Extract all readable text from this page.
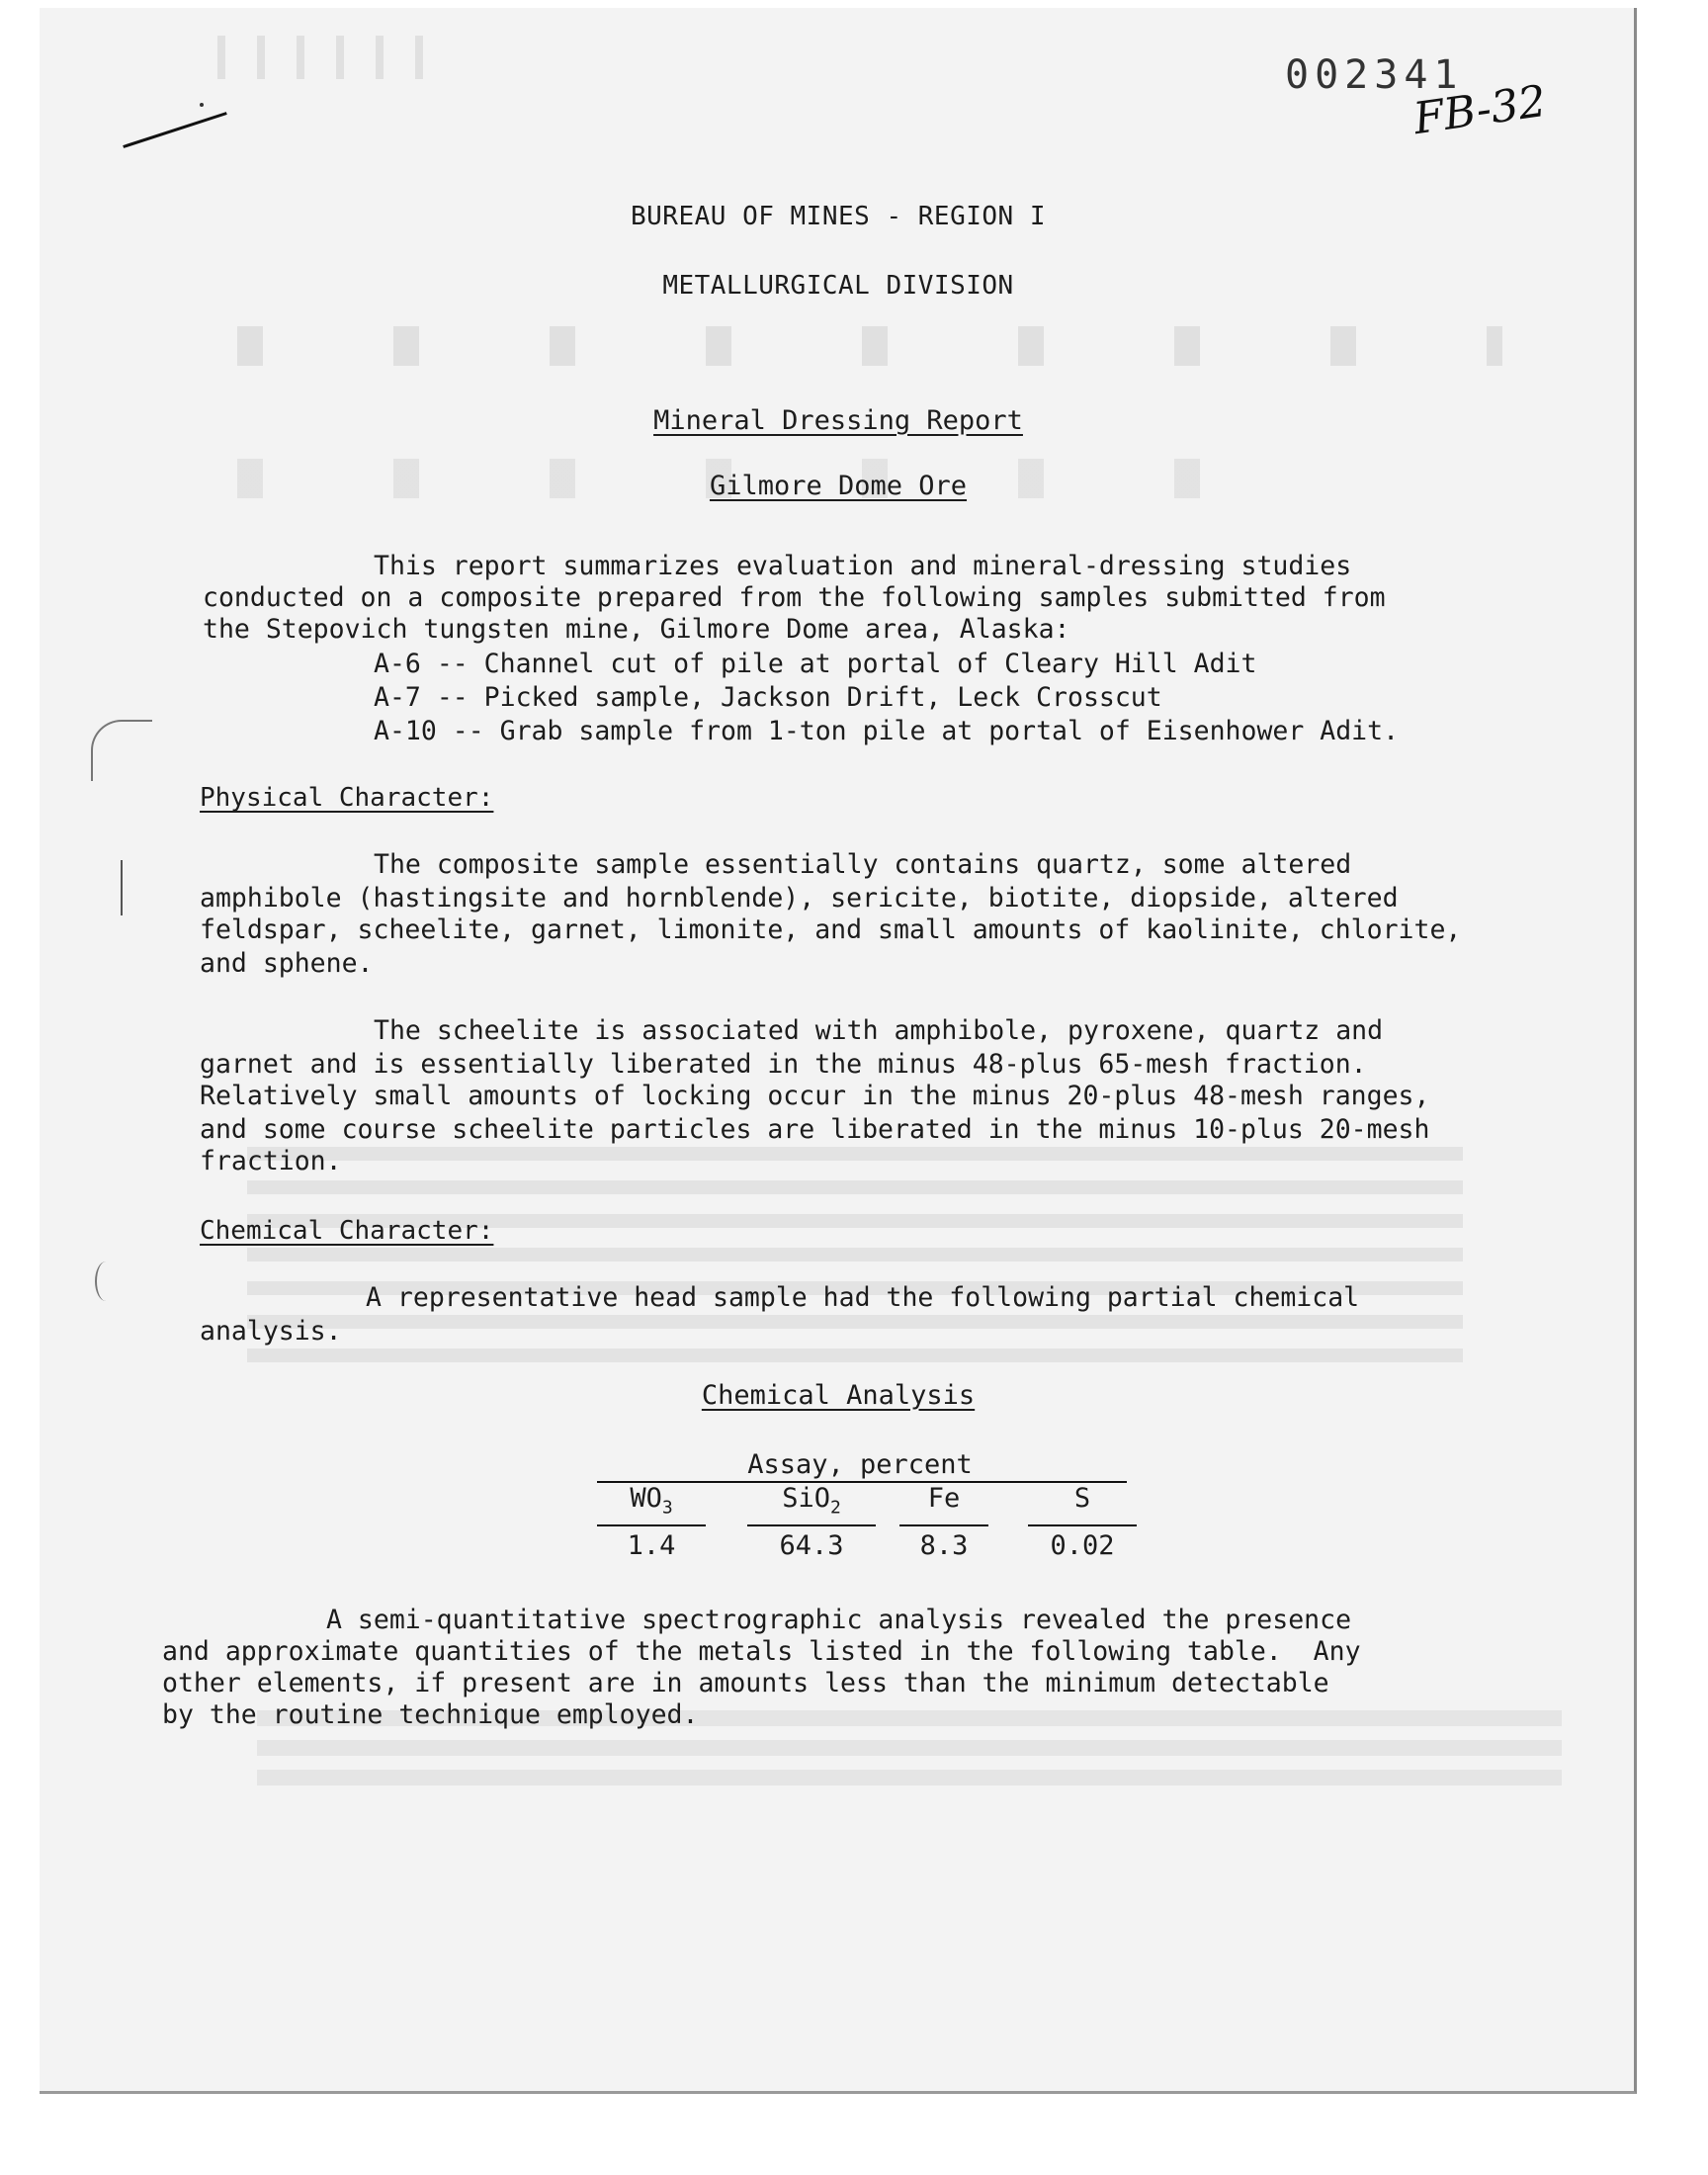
002341
FB-32
BUREAU OF MINES - REGION I
METALLURGICAL DIVISION
Mineral Dressing Report
Gilmore Dome Ore
This report summarizes evaluation and mineral-dressing studies
conducted on a composite prepared from the following samples submitted from
the Stepovich tungsten mine, Gilmore Dome area, Alaska:
A-6 -- Channel cut of pile at portal of Cleary Hill Adit
A-7 -- Picked sample, Jackson Drift, Leck Crosscut
A-10 -- Grab sample from 1-ton pile at portal of Eisenhower Adit.
Physical Character:
The composite sample essentially contains quartz, some altered
amphibole (hastingsite and hornblende), sericite, biotite, diopside, altered
feldspar, scheelite, garnet, limonite, and small amounts of kaolinite, chlorite,
and sphene.
The scheelite is associated with amphibole, pyroxene, quartz and
garnet and is essentially liberated in the minus 48-plus 65-mesh fraction.
Relatively small amounts of locking occur in the minus 20-plus 48-mesh ranges,
and some course scheelite particles are liberated in the minus 10-plus 20-mesh
fraction.
Chemical Character:
A representative head sample had the following partial chemical
analysis.
Chemical Analysis
Assay, percent
$WO_3$	SiO$_2$	Fe	S
1.4	64.3	8.3	0.02
A semi-quantitative spectrographic analysis revealed the presence
and approximate quantities of the metals listed in the following table.  Any
other elements, if present are in amounts less than the minimum detectable
by the routine technique employed.
